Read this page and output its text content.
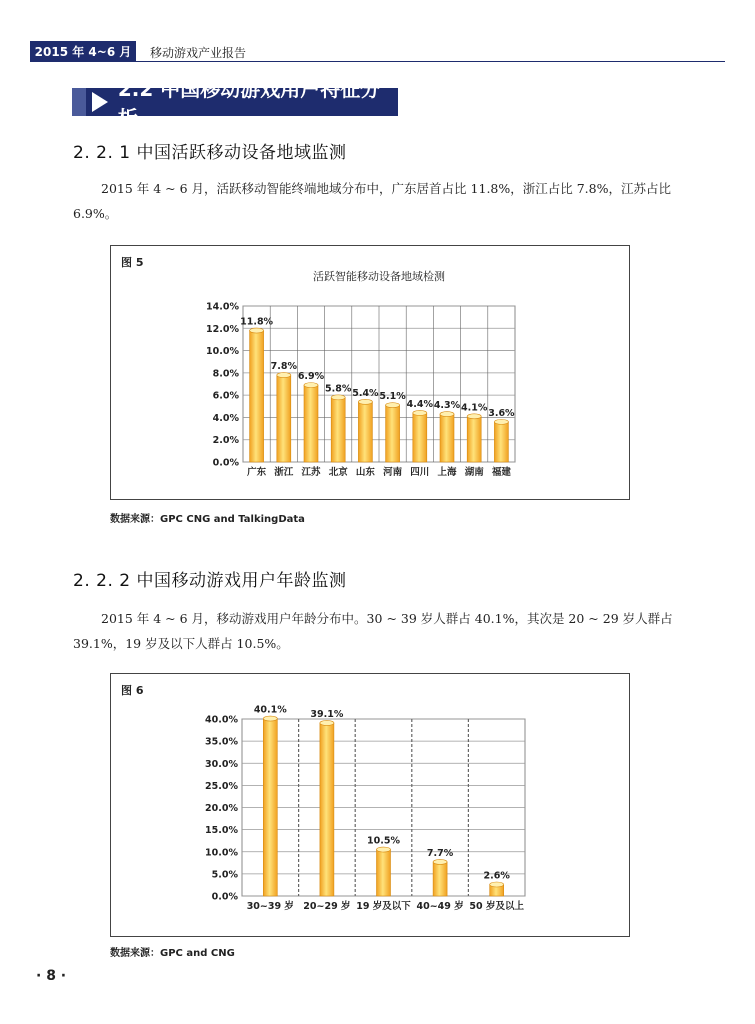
2015 年 4~6 月	移动游戏产业报告
2.2 中国移动游戏用户特征分析
2. 2. 1 中国活跃移动设备地域监测
2015 年 4 ~ 6 月，活跃移动智能终端地域分布中，广东居首占比 11.8%，浙江占比 7.8%，江苏占比 6.9%。
图 5
活跃智能移动设备地域检测
0.0%
2.0%
4.0%
6.0%
8.0%
10.0%
12.0%
14.0%
11.8%
广东
7.8%
浙江
6.9%
江苏
5.8%
北京
5.4%
山东
5.1%
河南
4.4%
四川
4.3%
上海
4.1%
湖南
3.6%
福建
数据来源：GPC CNG and TalkingData
2. 2. 2 中国移动游戏用户年龄监测
2015 年 4 ~ 6 月，移动游戏用户年龄分布中。30 ~ 39 岁人群占 40.1%，其次是 20 ~ 29 岁人群占 39.1%，19 岁及以下人群占 10.5%。
图 6
0.0%
5.0%
10.0%
15.0%
20.0%
25.0%
30.0%
35.0%
40.0%
40.1%
30~39 岁
39.1%
20~29 岁
10.5%
19 岁及以下
7.7%
40~49 岁
2.6%
50 岁及以上
数据来源：GPC and CNG
· 8 ·
